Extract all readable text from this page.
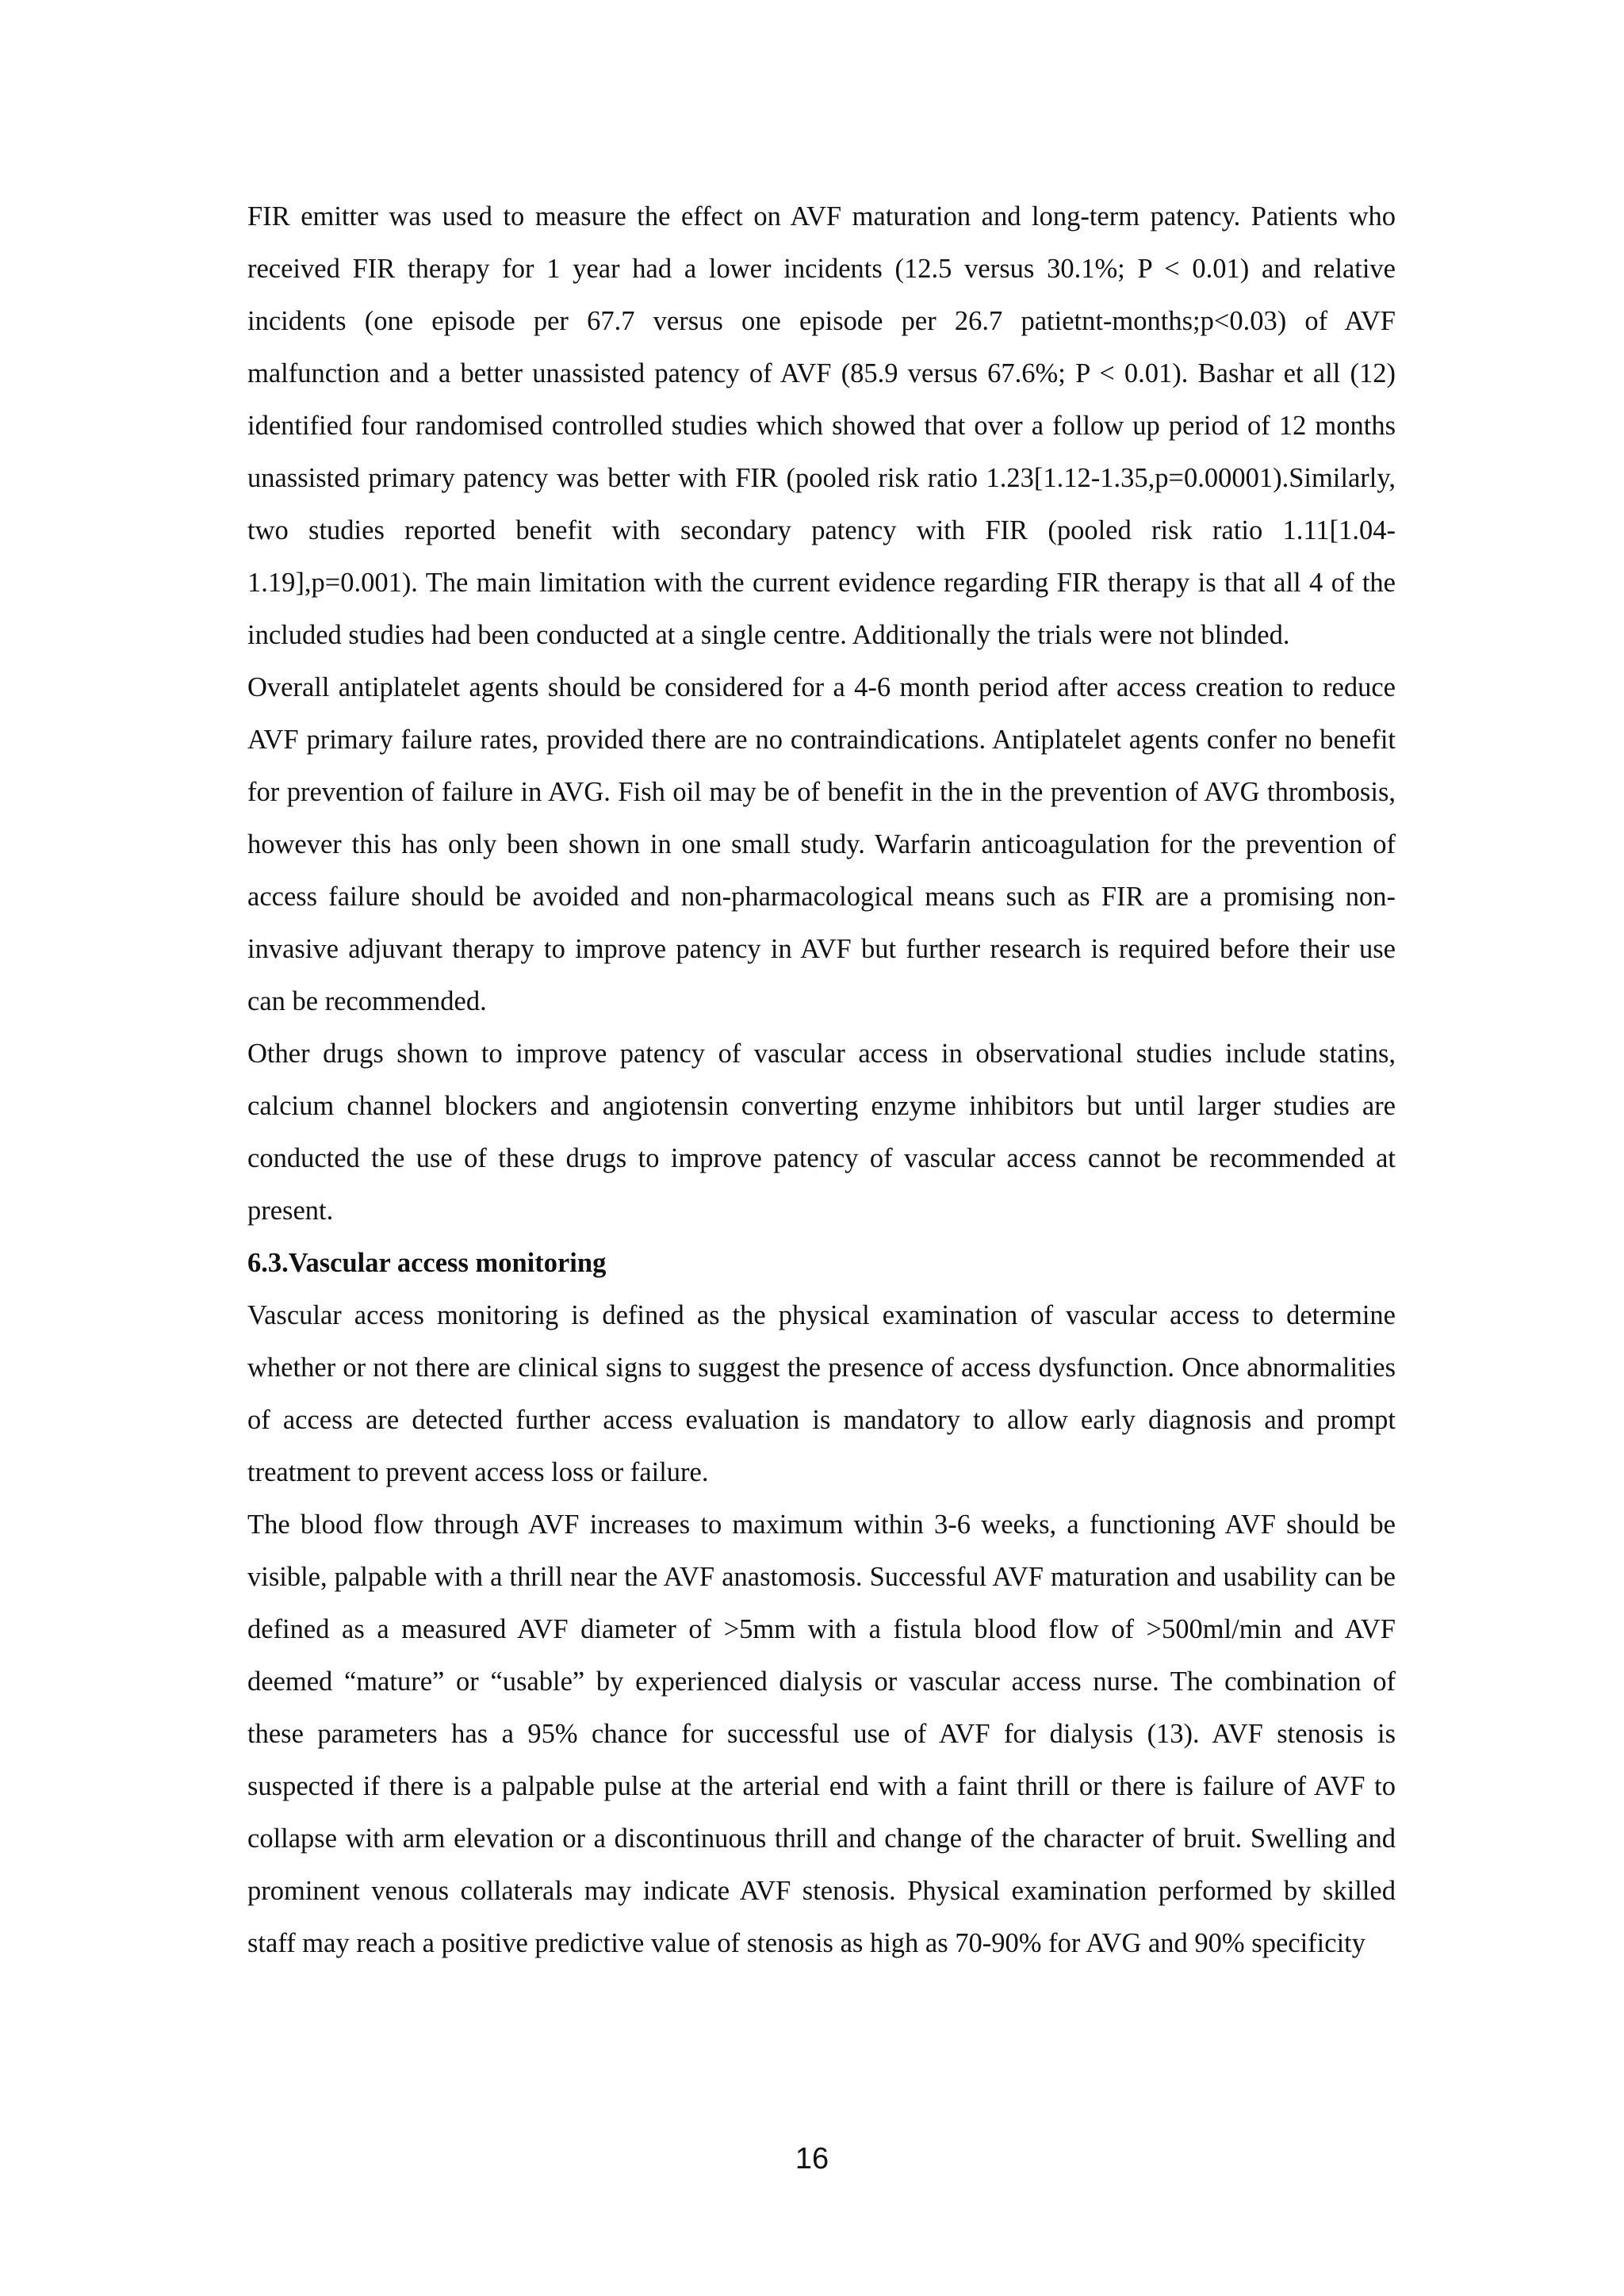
FIR emitter was used to measure the effect on AVF maturation and long-term patency. Patients who received FIR therapy for 1 year had a lower incidents (12.5 versus 30.1%; P < 0.01) and relative incidents (one episode per 67.7 versus one episode per 26.7 patietnt-months;p<0.03) of AVF malfunction and a better unassisted patency of AVF (85.9 versus 67.6%; P < 0.01). Bashar et all (12) identified four randomised controlled studies which showed that over a follow up period of 12 months unassisted primary patency was better with FIR (pooled risk ratio 1.23[1.12-1.35,p=0.00001).Similarly, two studies reported benefit with secondary patency with FIR (pooled risk ratio 1.11[1.04-1.19],p=0.001). The main limitation with the current evidence regarding FIR therapy is that all 4 of the included studies had been conducted at a single centre. Additionally the trials were not blinded.

Overall antiplatelet agents should be considered for a 4-6 month period after access creation to reduce AVF primary failure rates, provided there are no contraindications. Antiplatelet agents confer no benefit for prevention of failure in AVG. Fish oil may be of benefit in the in the prevention of AVG thrombosis, however this has only been shown in one small study. Warfarin anticoagulation for the prevention of access failure should be avoided and non-pharmacological means such as FIR are a promising non-invasive adjuvant therapy to improve patency in AVF but further research is required before their use can be recommended.

Other drugs shown to improve patency of vascular access in observational studies include statins, calcium channel blockers and angiotensin converting enzyme inhibitors but until larger studies are conducted the use of these drugs to improve patency of vascular access cannot be recommended at present.

6.3.Vascular access monitoring

Vascular access monitoring is defined as the physical examination of vascular access to determine whether or not there are clinical signs to suggest the presence of access dysfunction. Once abnormalities of access are detected further access evaluation is mandatory to allow early diagnosis and prompt treatment to prevent access loss or failure.

The blood flow through AVF increases to maximum within 3-6 weeks, a functioning AVF should be visible, palpable with a thrill near the AVF anastomosis. Successful AVF maturation and usability can be defined as a measured AVF diameter of >5mm with a fistula blood flow of >500ml/min and AVF deemed “mature” or “usable” by experienced dialysis or vascular access nurse. The combination of these parameters has a 95% chance for successful use of AVF for dialysis (13). AVF stenosis is suspected if there is a palpable pulse at the arterial end with a faint thrill or there is failure of AVF to collapse with arm elevation or a discontinuous thrill and change of the character of bruit. Swelling and prominent venous collaterals may indicate AVF stenosis. Physical examination performed by skilled staff may reach a positive predictive value of stenosis as high as 70-90% for AVG and 90% specificity

16
